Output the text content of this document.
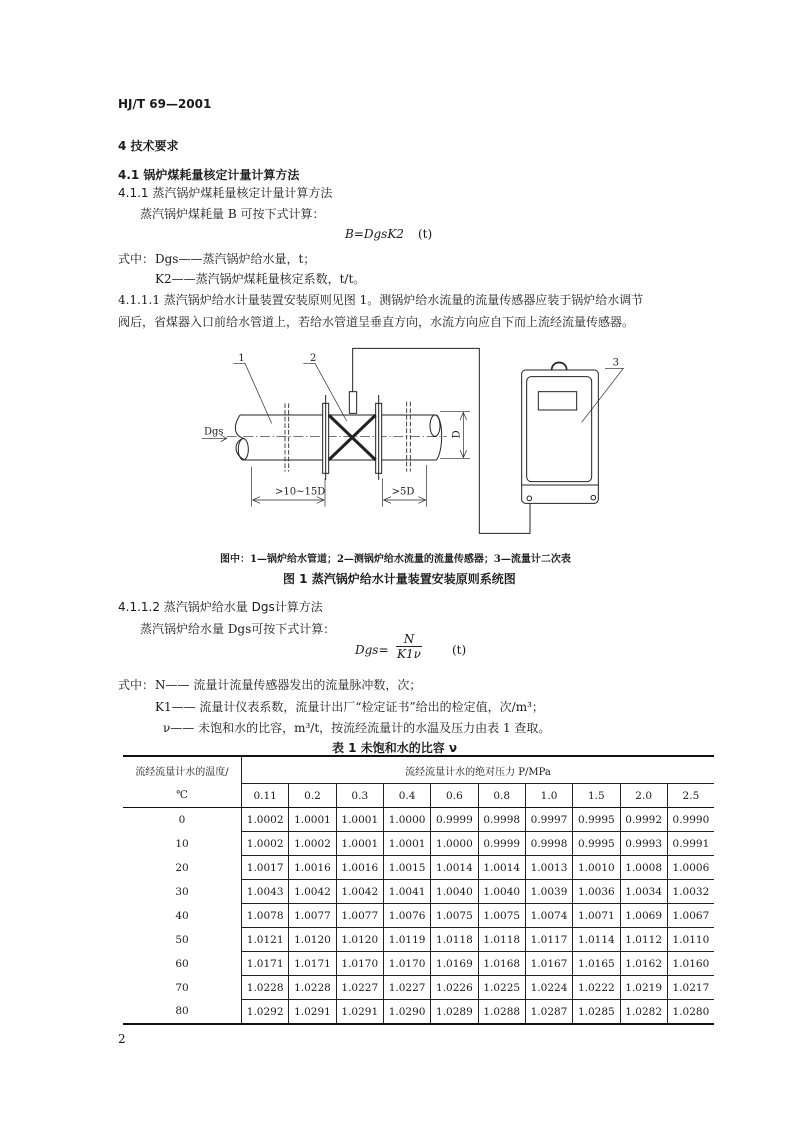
HJ/T 69—2001
4 技术要求
4.1 锅炉煤耗量核定计量计算方法
4.1.1 蒸汽锅炉煤耗量核定计量计算方法
蒸汽锅炉煤耗量 B 可按下式计算：
B=DgsK2 (t)
式中： Dgs——蒸汽锅炉给水量，t；
K2——蒸汽锅炉煤耗量核定系数，t/t。
4.1.1.1 蒸汽锅炉给水计量装置安装原则见图 1。测锅炉给水流量的流量传感器应装于锅炉给水调节
阀后，省煤器入口前给水管道上，若给水管道呈垂直方向，水流方向应自下而上流经流量传感器。
1 2	3
Dgs
>10~15D >5D
D
图中：1—锅炉给水管道；2—测锅炉给水流量的流量传感器；3—流量计二次表
图 1 蒸汽锅炉给水计量装置安装原则系统图
4.1.1.2 蒸汽锅炉给水量 Dgs计算方法
蒸汽锅炉给水量 Dgs可按下式计算：
$Dgs= \frac{N}{K1\nu}$	(t)
式中： N—— 流量计流量传感器发出的流量脉冲数，次；
K1—— 流量计仪表系数，流量计出厂“检定证书”给出的检定值，次/m³；
ν—— 未饱和水的比容，m³/t，按流经流量计的水温及压力由表 1 查取。
表 1 未饱和水的比容 ν
流经流量计水的温度/	流经流量计水的绝对压力 P/MPa									
℃	0.11	0.2	0.3	0.4	0.6	0.8	1.0	1.5	2.0	2.5
0	1.0002	1.0001	1.0001	1.0000	0.9999	0.9998	0.9997	0.9995	0.9992	0.9990
10	1.0002	1.0002	1.0001	1.0001	1.0000	0.9999	0.9998	0.9995	0.9993	0.9991
20	1.0017	1.0016	1.0016	1.0015	1.0014	1.0014	1.0013	1.0010	1.0008	1.0006
30	1.0043	1.0042	1.0042	1.0041	1.0040	1.0040	1.0039	1.0036	1.0034	1.0032
40	1.0078	1.0077	1.0077	1.0076	1.0075	1.0075	1.0074	1.0071	1.0069	1.0067
50	1.0121	1.0120	1.0120	1.0119	1.0118	1.0118	1.0117	1.0114	1.0112	1.0110
60	1.0171	1.0171	1.0170	1.0170	1.0169	1.0168	1.0167	1.0165	1.0162	1.0160
70	1.0228	1.0228	1.0227	1.0227	1.0226	1.0225	1.0224	1.0222	1.0219	1.0217
80	1.0292	1.0291	1.0291	1.0290	1.0289	1.0288	1.0287	1.0285	1.0282	1.0280
2
